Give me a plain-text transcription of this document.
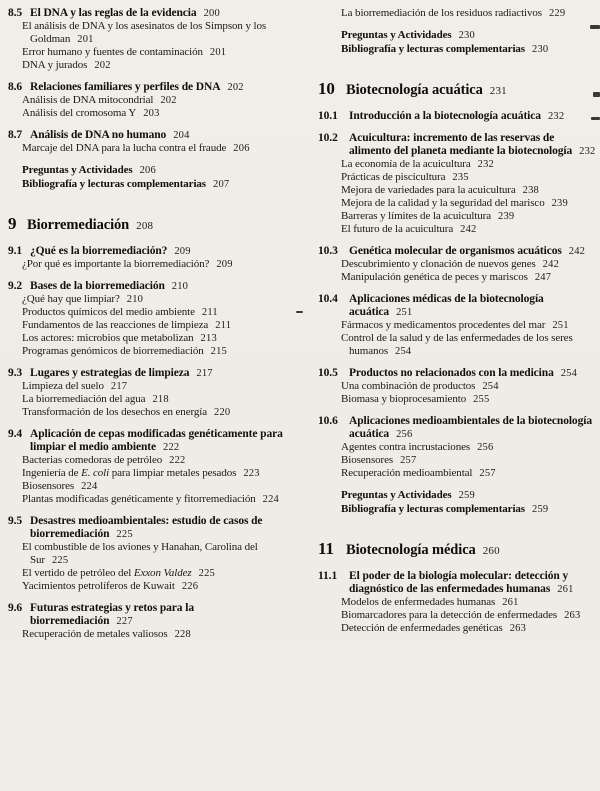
8.5 El DNA y las reglas de la evidencia 200
El análisis de DNA y los asesinatos de los Simpson y los Goldman 201
Error humano y fuentes de contaminación 201
DNA y jurados 202
8.6 Relaciones familiares y perfiles de DNA 202
Análisis de DNA mitocondrial 202
Análisis del cromosoma Y 203
8.7 Análisis de DNA no humano 204
Marcaje del DNA para la lucha contra el fraude 206
Preguntas y Actividades 206
Bibliografía y lecturas complementarias 207
9 Biorremediación 208
9.1 ¿Qué es la biorremediación? 209
¿Por qué es importante la biorremediación? 209
9.2 Bases de la biorremediación 210
¿Qué hay que limpiar? 210
Productos químicos del medio ambiente 211
Fundamentos de las reacciones de limpieza 211
Los actores: microbios que metabolizan 213
Programas genómicos de biorremediación 215
9.3 Lugares y estrategias de limpieza 217
Limpieza del suelo 217
La biorremediación del agua 218
Transformación de los desechos en energía 220
9.4 Aplicación de cepas modificadas genéticamente para limpiar el medio ambiente 222
Bacterias comedoras de petróleo 222
Ingeniería de E. coli para limpiar metales pesados 223
Biosensores 224
Plantas modificadas genéticamente y fitorremediación 224
9.5 Desastres medioambientales: estudio de casos de biorremediación 225
El combustible de los aviones y Hanahan, Carolina del Sur 225
El vertido de petróleo del Exxon Valdez 225
Yacimientos petrolíferos de Kuwait 226
9.6 Futuras estrategias y retos para la biorremediación 227
Recuperación de metales valiosos 228
La biorremediación de los residuos radiactivos 229
Preguntas y Actividades 230
Bibliografía y lecturas complementarias 230
10 Biotecnología acuática 231
10.1 Introducción a la biotecnología acuática 232
10.2 Acuicultura: incremento de las reservas de alimento del planeta mediante la biotecnología 232
La economía de la acuicultura 232
Prácticas de piscicultura 235
Mejora de variedades para la acuicultura 238
Mejora de la calidad y la seguridad del marisco 239
Barreras y límites de la acuicultura 239
El futuro de la acuicultura 242
10.3 Genética molecular de organismos acuáticos 242
Descubrimiento y clonación de nuevos genes 242
Manipulación genética de peces y mariscos 247
10.4 Aplicaciones médicas de la biotecnología acuática 251
Fármacos y medicamentos procedentes del mar 251
Control de la salud y de las enfermedades de los seres humanos 254
10.5 Productos no relacionados con la medicina 254
Una combinación de productos 254
Biomasa y bioprocesamiento 255
10.6 Aplicaciones medioambientales de la biotecnología acuática 256
Agentes contra incrustaciones 256
Biosensores 257
Recuperación medioambiental 257
Preguntas y Actividades 259
Bibliografía y lecturas complementarias 259
11 Biotecnología médica 260
11.1	El poder de la biología molecular: detección y diagnóstico de las enfermedades humanas 261
Modelos de enfermedades humanas 261
Biomarcadores para la detección de enfermedades 263
Detección de enfermedades genéticas 263
